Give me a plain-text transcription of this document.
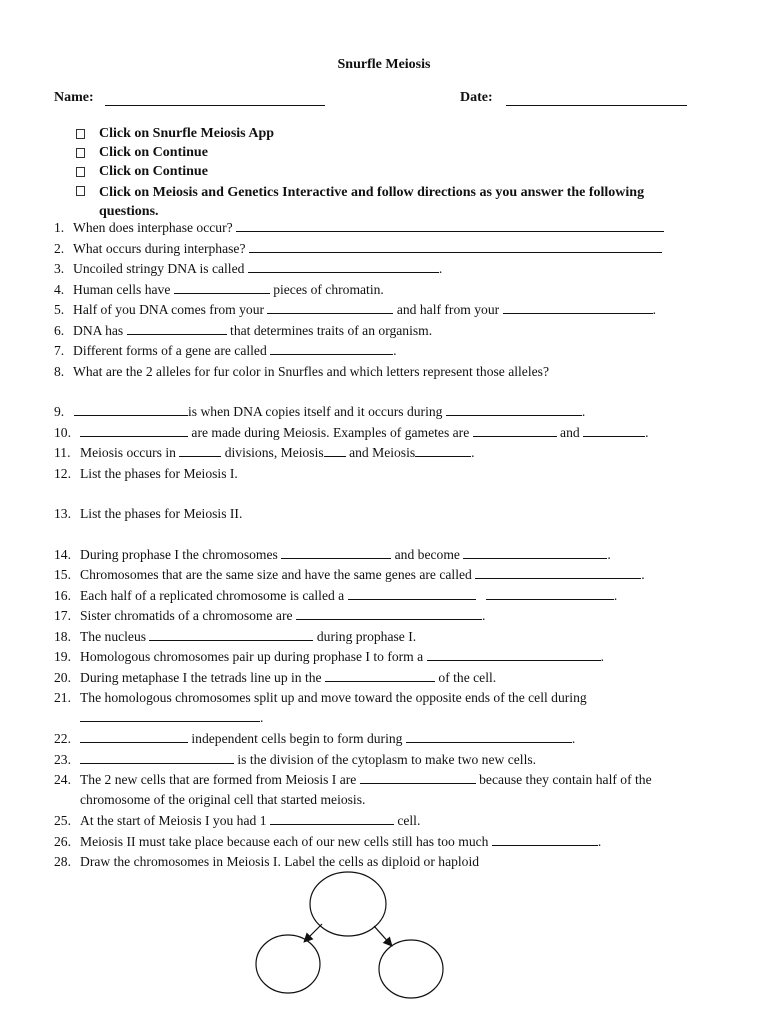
Snurfle Meiosis
Name:	Date:
Click on Snurfle Meiosis App
Click on Continue
Click on Continue
Click on Meiosis and Genetics Interactive and follow directions as you answer the following questions.
1. When does interphase occur?
2. What occurs during interphase?
3. Uncoiled stringy DNA is called	.
4. Human cells have	pieces of chromatin.
5. Half of you DNA comes from your	and half from your	.
6. DNA has	that determines traits of an organism.
7. Different forms of a gene are called	.
8. What are the 2 alleles for fur color in Snurfles and which letters represent those alleles?
9.	is when DNA copies itself and it occurs during	.
10.	are made during Meiosis. Examples of gametes are	and	.
11. Meiosis occurs in	divisions, Meiosis and Meiosis	.
12. List the phases for Meiosis I.
13. List the phases for Meiosis II.
14. During prophase I the chromosomes	and become	.
15. Chromosomes that are the same size and have the same genes are called	.
16. Each half of a replicated chromosome is called a	.
17. Sister chromatids of a chromosome are	.
18. The nucleus	during prophase I.
19. Homologous chromosomes pair up during prophase I to form a	.
20. During metaphase I the tetrads line up in the	of the cell.
21. The homologous chromosomes split up and move toward the opposite ends of the cell during
.
22.	independent cells begin to form during	.
23.	is the division of the cytoplasm to make two new cells.
24. The 2 new cells that are formed from Meiosis I are	because they contain half of the
chromosome of the original cell that started meiosis.
25. At the start of Meiosis I you had 1	cell.
26. Meiosis II must take place because each of our new cells still has too much	.
28. Draw the chromosomes in Meiosis I. Label the cells as diploid or haploid
